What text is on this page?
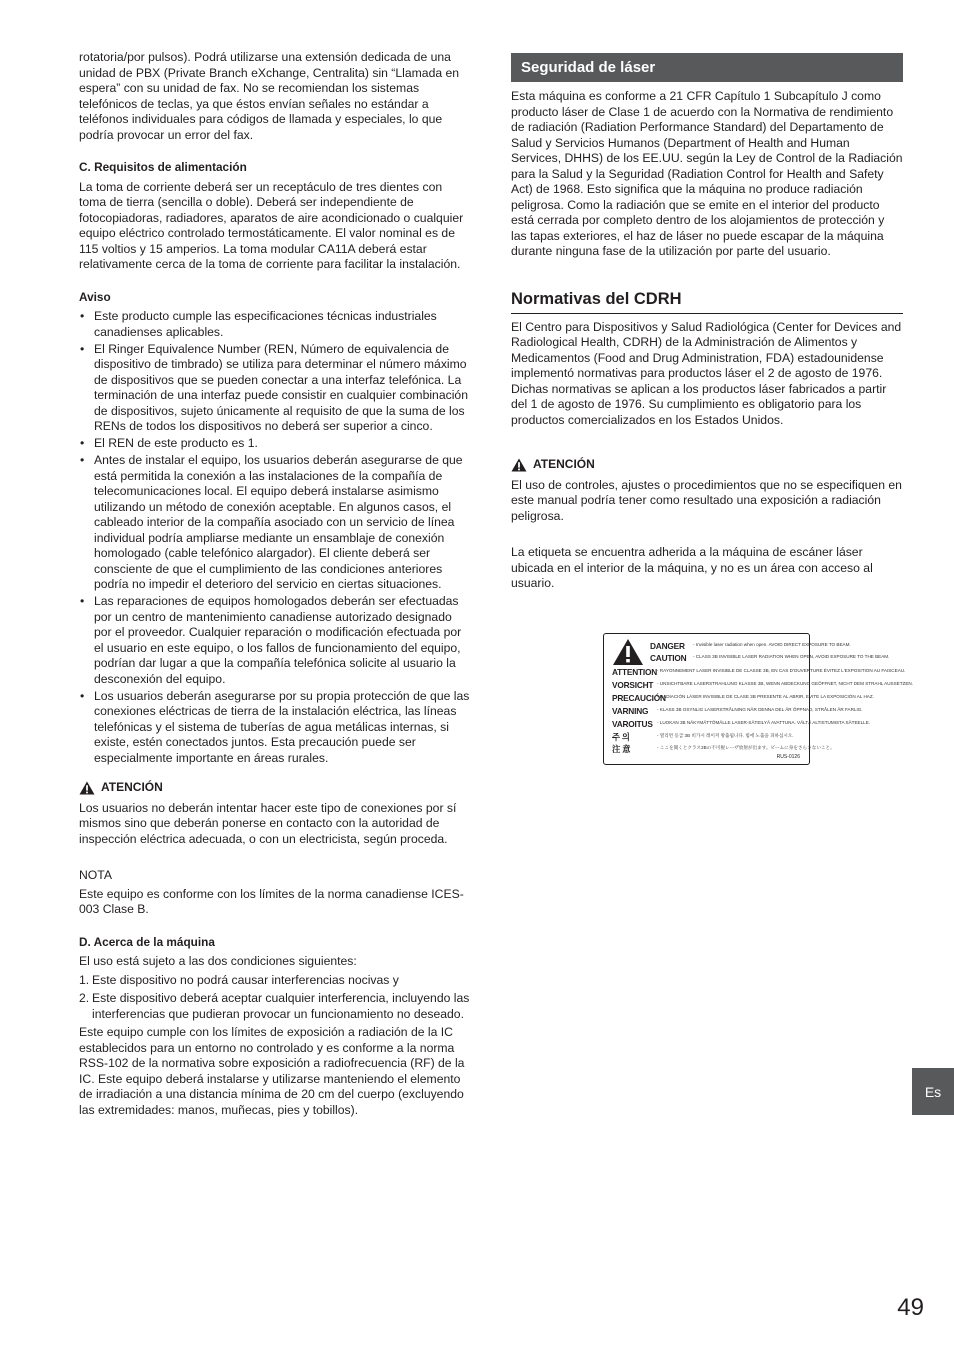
rotatoria/por pulsos). Podrá utilizarse una extensión dedicada de una unidad de PBX (Private Branch eXchange, Centralita) sin “Llamada en espera” con su unidad de fax. No se recomiendan los sistemas telefónicos de teclas, ya que éstos envían señales no estándar a teléfonos individuales para códigos de llamada y especiales, lo que podría provocar un error del fax.

C. Requisitos de alimentación

La toma de corriente deberá ser un receptáculo de tres dientes con toma de tierra (sencilla o doble). Deberá ser independiente de fotocopiadoras, radiadores, aparatos de aire acondicionado o cualquier equipo eléctrico controlado termostáticamente. El valor nominal es de 115 voltios y 15 amperios. La toma modular CA11A deberá estar relativamente cerca de la toma de corriente para facilitar la instalación.

Aviso

• Este producto cumple las especificaciones técnicas industriales canadienses aplicables.
• El Ringer Equivalence Number (REN, Número de equivalencia de dispositivo de timbrado) se utiliza para determinar el número máximo de dispositivos que se pueden conectar a una interfaz telefónica. La terminación de una interfaz puede consistir en cualquier combinación de dispositivos, sujeto únicamente al requisito de que la suma de los RENs de todos los dispositivos no deberá ser superior a cinco.
• El REN de este producto es 1.
• Antes de instalar el equipo, los usuarios deberán asegurarse de que está permitida la conexión a las instalaciones de la compañía de telecomunicaciones local. El equipo deberá instalarse asimismo utilizando un método de conexión aceptable. En algunos casos, el cableado interior de la compañía asociado con un servicio de línea individual podría ampliarse mediante un ensamblaje de conexión homologado (cable telefónico alargador). El cliente deberá ser consciente de que el cumplimiento de las condiciones anteriores podría no impedir el deterioro del servicio en ciertas situaciones.
• Las reparaciones de equipos homologados deberán ser efectuadas por un centro de mantenimiento canadiense autorizado designado por el proveedor. Cualquier reparación o modificación efectuada por el usuario en este equipo, o los fallos de funcionamiento del equipo, podrían dar lugar a que la compañía telefónica solicite al usuario la desconexión del equipo.
• Los usuarios deberán asegurarse por su propia protección de que las conexiones eléctricas de tierra de la instalación eléctrica, las líneas telefónicas y el sistema de tuberías de agua metálicas internas, si existe, estén conectados juntos. Esta precaución puede ser especialmente importante en áreas rurales.
ATENCIÓN

Los usuarios no deberán intentar hacer este tipo de conexiones por sí mismos sino que deberán ponerse en contacto con la autoridad de inspección eléctrica adecuada, o con un electricista, según proceda.

NOTA

Este equipo es conforme con los límites de la norma canadiense ICES-003 Clase B.

D. Acerca de la máquina

El uso está sujeto a las dos condiciones siguientes:

1. Este dispositivo no podrá causar interferencias nocivas y
2. Este dispositivo deberá aceptar cualquier interferencia, incluyendo las interferencias que pudieran provocar un funcionamiento no deseado.

Este equipo cumple con los límites de exposición a radiación de la IC establecidos para un entorno no controlado y es conforme a la norma RSS-102 de la normativa sobre exposición a radiofrecuencia (RF) de la IC. Este equipo deberá instalarse y utilizarse manteniendo el elemento de irradiación a una distancia mínima de 20 cm del cuerpo (excluyendo las extremidades: manos, muñecas, pies y tobillos).

Seguridad de láser

Esta máquina es conforme a 21 CFR Capítulo 1 Subcapítulo J como producto láser de Clase 1 de acuerdo con la Normativa de rendimiento de radiación (Radiation Performance Standard) del Departamento de Salud y Servicios Humanos (Department of Health and Human Services, DHHS) de los EE.UU. según la Ley de Control de la Radiación para la Salud y la Seguridad (Radiation Control for Health and Safety Act) de 1968. Esto significa que la máquina no produce radiación peligrosa. Como la radiación que se emite en el interior del producto está cerrada por completo dentro de los alojamientos de protección y las tapas exteriores, el haz de láser no puede escapar de la máquina durante ninguna fase de la utilización por parte del usuario.

Normativas del CDRH

El Centro para Dispositivos y Salud Radiológica (Center for Devices and Radiological Health, CDRH) de la Administración de Alimentos y Medicamentos (Food and Drug Administration, FDA) estadounidense implementó normativas para productos láser el 2 de agosto de 1976. Dichas normativas se aplican a los productos láser fabricados a partir del 1 de agosto de 1976. Su cumplimiento es obligatorio para los productos comercializados en los Estados Unidos.

ATENCIÓN

El uso de controles, ajustes o procedimientos que no se especifiquen en este manual podría tener como resultado una exposición a radiación peligrosa.

La etiqueta se encuentra adherida a la máquina de escáner láser ubicada en el interior de la máquina, y no es un área con acceso al usuario.

DANGER - Invisible laser radiation when open. AVOID DIRECT EXPOSURE TO BEAM.
CAUTION - CLASS 3B INVISIBLE LASER RADIATION WHEN OPEN, AVOID EXPOSURE TO THE BEAM.
ATTENTION - RAYONNEMENT LASER INVISIBLE DE CLASSE 3B, EN CAS D'OUVERTURE ÉVITEZ L'EXPOSITION AU FAISCEAU.
VORSICHT - UNSICHTBARE LASERSTRAHLUNG KLASSE 3B, WENN ABDECKUNG GEÖFFNET, NICHT DEM STRAHL AUSSETZEN.
PRECAUCIÓN
- RADIACIÓN LÁSER INVISIBLE DE CLASE 3B PRESENTE AL ABRIR, EVITE LA EXPOSICIÓN AL HAZ.
VARNING - KLASS 3B OSYNLIG LASERSTRÅLNING NÄR DENNA DEL ÄR ÖPPNAD, STRÅLEN ÄR FARLIG.
VAROITUS - LUOKAN 3B NÄKYMÄTTÖMÄLLE LASER-SÄTEILYÄ AVATTUNA. VÄLTÄ ALTISTUMISTA SÄTEELLE.
주 의	- 열리면 등급 3B 비가시 레이저 방출됩니다. 빔에 노출을 피하십시오.
注 意	- ここを開くとクラス3Bの不可視レーザ放射が出ます。ビームに身をさらさないこと。
RUS-0126
Es
49
